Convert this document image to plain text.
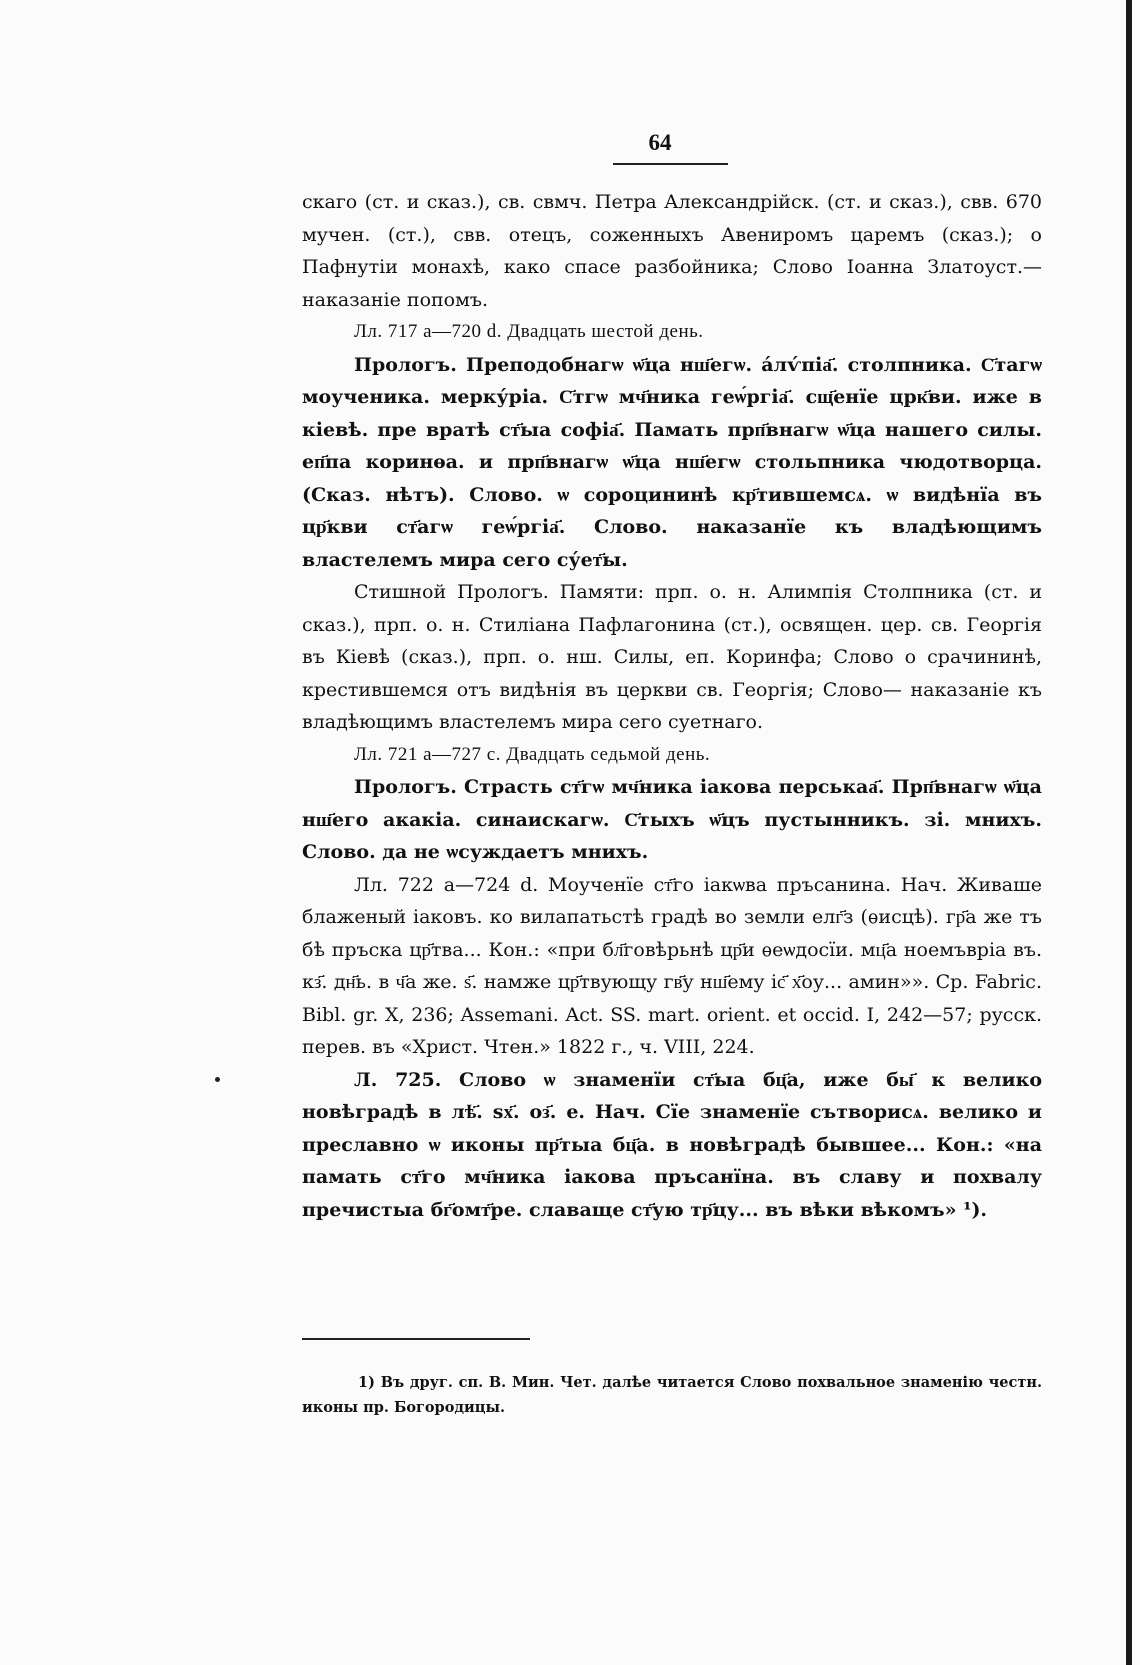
64

скаго (ст. и сказ.), св. свмч. Петра Александрійск. (ст. и сказ.), свв. 670 мучен. (ст.), свв. отецъ, соженныхъ Авениромъ царемъ (сказ.); о Пафнутіи монахѣ, како спасе разбойника; Слово Іоанна Златоуст.— наказаніе попомъ.

Лл. 717 а—720 d. Двадцать шестой день.

Прологъ. Преподобнагѡ ѡ҃ца нш҃егѡ. а́лѵ́піа҃. столпника. С҃тагѡ моученика. мерку́ріа. С҃тгѡ мч҃ника геѡ́ргіа҃. сщ҃енїе црк҃ви. иже в кіевѣ. пре вратѣ ст҃ыа софіа҃. Памать прп҃внагѡ ѡ҃ца нашего силы. еп҃па коринѳа. и прп҃внагѡ ѡ҃ца нш҃егѡ стольпника чюдотворца. (Сказ. нѣтъ). Слово. ѡ сороцининѣ кр҃тившемсѧ. ѡ видѣнїа въ цр҃кви ст҃агѡ геѡ́ргіа҃. Слово. наказанїе къ владѣющимъ властелемъ мира сего су́ет҃ы.

Стишной Прологъ. Памяти: прп. о. н. Алимпія Столпника (ст. и сказ.), прп. о. н. Стиліана Пафлагонина (ст.), освящен. цер. св. Георгія въ Кіевѣ (сказ.), прп. о. нш. Силы, еп. Коринфа; Слово о срачининѣ, крестившемся отъ видѣнія въ церкви св. Георгія; Слово— наказаніе къ владѣющимъ властелемъ мира сего суетнаго.

Лл. 721 а—727 с. Двадцать седьмой день.

Прологъ. Страсть ст҃гѡ мч҃ника іакова перськаа҃. Прп҃внагѡ ѡ҃ца нш҃его акакіа. синаискагѡ. С҃тыхъ ѡ҃цъ пустынникъ. зі. мнихъ. Слово. да не ѡсуждаетъ мнихъ.

Лл. 722 а—724 d. Моученїе ст҃го іакѡва пръсанина. Нач. Живаше блаженый іаковъ. ко вилапатьстѣ градѣ во земли елг҃з (ѳисцѣ). гр҃а же тъ бѣ пръска цр҃тва... Кон.: «при бл҃говѣрьнѣ цр҃и ѳеѡдосїи. мц҃а ноемъвріа въ. кз҃. дн҃ь. в ч҃а же. ѕ҃. намже цр҃твующу гв҃у нш҃ему іс҃ х҃оу... амин»». Ср. Fabric. Bibl. gr. X, 236; Assemani. Act. SS. mart. orient. et occid. I, 242—57; русск. перев. въ «Христ. Чтен.» 1822 г., ч. VIII, 224.

Л. 725. Слово ѡ знаменїи ст҃ыа бц҃а, иже бы҃ к велико новѣградѣ в лѣ҃. ѕх҃. оз҃. е. Нач. Сїе знаменїе сътворисѧ. велико и преславно ѡ иконы пр҃тыа бц҃а. в новѣградѣ бывшее... Кон.: «на памать ст҃го мч҃ника іакова пръсанїна. въ славу и похвалу пречистыа бг҃омт҃ре. славаще ст҃ую тр҃цу... въ вѣки вѣкомъ» ¹).

1) Въ друг. сп. В. Мин. Чет. далѣе читается Слово похвальное знаменію честн. иконы пр. Богородицы.
